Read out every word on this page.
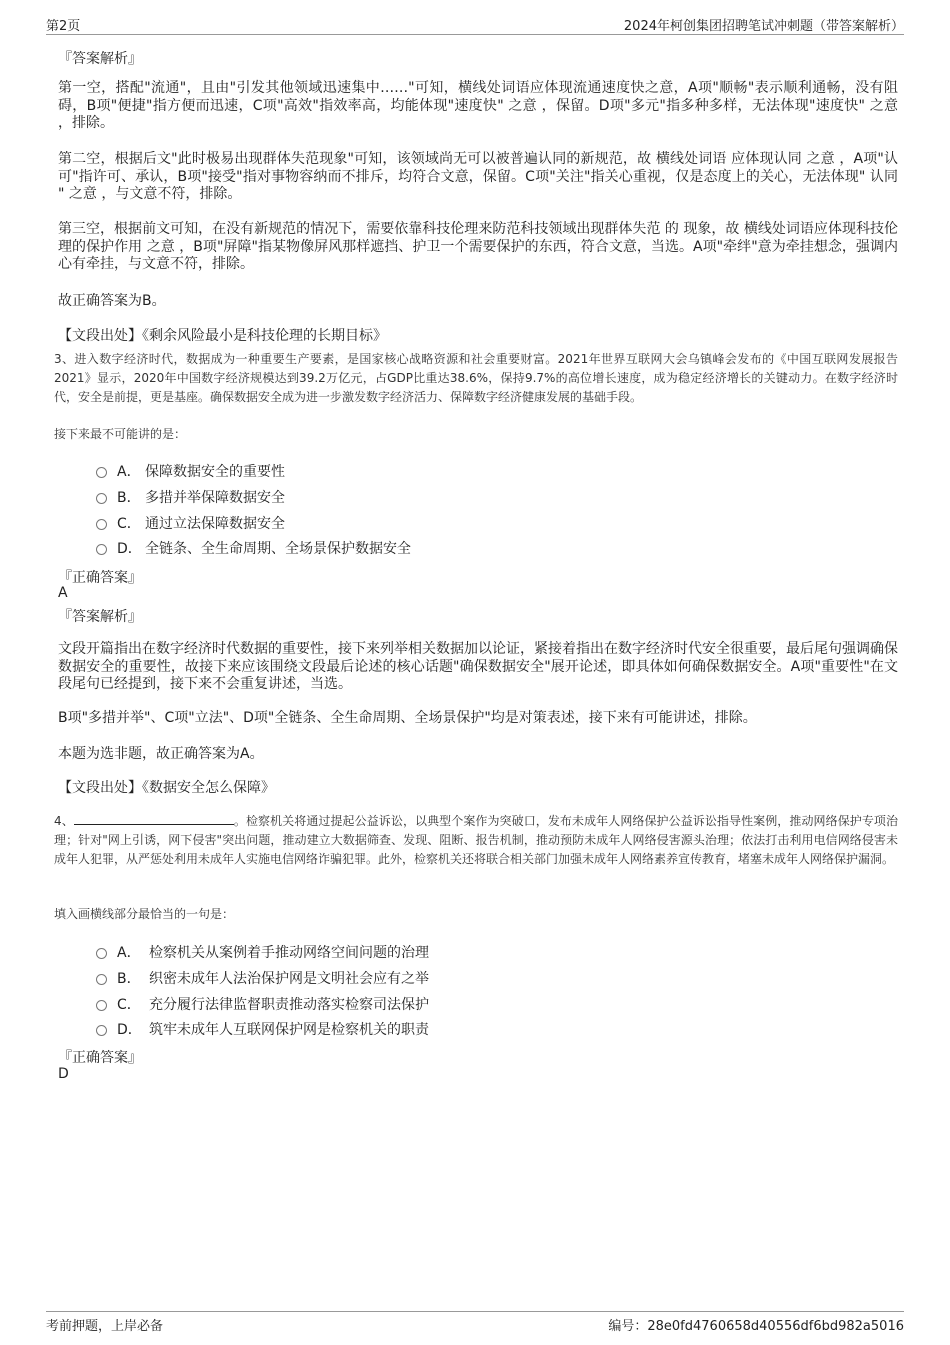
第2页	2024年柯创集团招聘笔试冲刺题（带答案解析）
『答案解析』
第一空，搭配"流通"，且由"引发其他领域迅速集中……"可知，横线处词语应体现流通速度快之意，A项"顺畅"表示顺利通畅，没有阻碍，B项"便捷"指方便而迅速，C项"高效"指效率高，均能体现"速度快" 之意 ，保留。D项"多元"指多种多样，无法体现"速度快" 之意 ，排除。
第二空，根据后文"此时极易出现群体失范现象"可知，该领域尚无可以被普遍认同的新规范，故 横线处词语 应体现认同 之意 ，A项"认可"指许可、承认，B项"接受"指对事物容纳而不排斥，均符合文意，保留。C项"关注"指关心重视，仅是态度上的关心，无法体现" 认同 " 之意 ，与文意不符，排除。
第三空，根据前文可知，在没有新规范的情况下，需要依靠科技伦理来防范科技领域出现群体失范 的 现象，故 横线处词语应体现科技伦理的保护作用 之意 ，B项"屏障"指某物像屏风那样遮挡、护卫一个需要保护的东西，符合文意，当选。A项"牵绊"意为牵挂想念，强调内心有牵挂，与文意不符，排除。
故正确答案为B。
【文段出处】《剩余风险最小是科技伦理的长期目标》
3、进入数字经济时代，数据成为一种重要生产要素，是国家核心战略资源和社会重要财富。2021年世界互联网大会乌镇峰会发布的《中国互联网发展报告2021》显示，2020年中国数字经济规模达到39.2万亿元，占GDP比重达38.6%，保持9.7%的高位增长速度，成为稳定经济增长的关键动力。在数字经济时代，安全是前提，更是基座。确保数据安全成为进一步激发数字经济活力、保障数字经济健康发展的基础手段。
接下来最不可能讲的是：
A． 保障数据安全的重要性
B． 多措并举保障数据安全
C． 通过立法保障数据安全
D． 全链条、全生命周期、全场景保护数据安全
『正确答案』
A
『答案解析』
文段开篇指出在数字经济时代数据的重要性，接下来列举相关数据加以论证，紧接着指出在数字经济时代安全很重要，最后尾句强调确保数据安全的重要性，故接下来应该围绕文段最后论述的核心话题"确保数据安全"展开论述，即具体如何确保数据安全。A项"重要性"在文段尾句已经提到，接下来不会重复讲述，当选。
B项"多措并举"、C项"立法"、D项"全链条、全生命周期、全场景保护"均是对策表述，接下来有可能讲述，排除。
本题为选非题，故正确答案为A。
【文段出处】《数据安全怎么保障》
4、	。检察机关将通过提起公益诉讼，以典型个案作为突破口，发布未成年人网络保护公益诉讼指导性案例，推动网络保护专项治理；针对"网上引诱，网下侵害"突出问题，推动建立大数据筛查、发现、阻断、报告机制，推动预防未成年人网络侵害源头治理；依法打击利用电信网络侵害未成年人犯罪，从严惩处利用未成年人实施电信网络诈骗犯罪。此外，检察机关还将联合相关部门加强未成年人网络素养宣传教育，堵塞未成年人网络保护漏洞。
填入画横线部分最恰当的一句是：
A． 检察机关从案例着手推动网络空间问题的治理
B． 织密未成年人法治保护网是文明社会应有之举
C． 充分履行法律监督职责推动落实检察司法保护
D． 筑牢未成年人互联网保护网是检察机关的职责
『正确答案』
D
考前押题，上岸必备	编号：28e0fd4760658d40556df6bd982a5016
